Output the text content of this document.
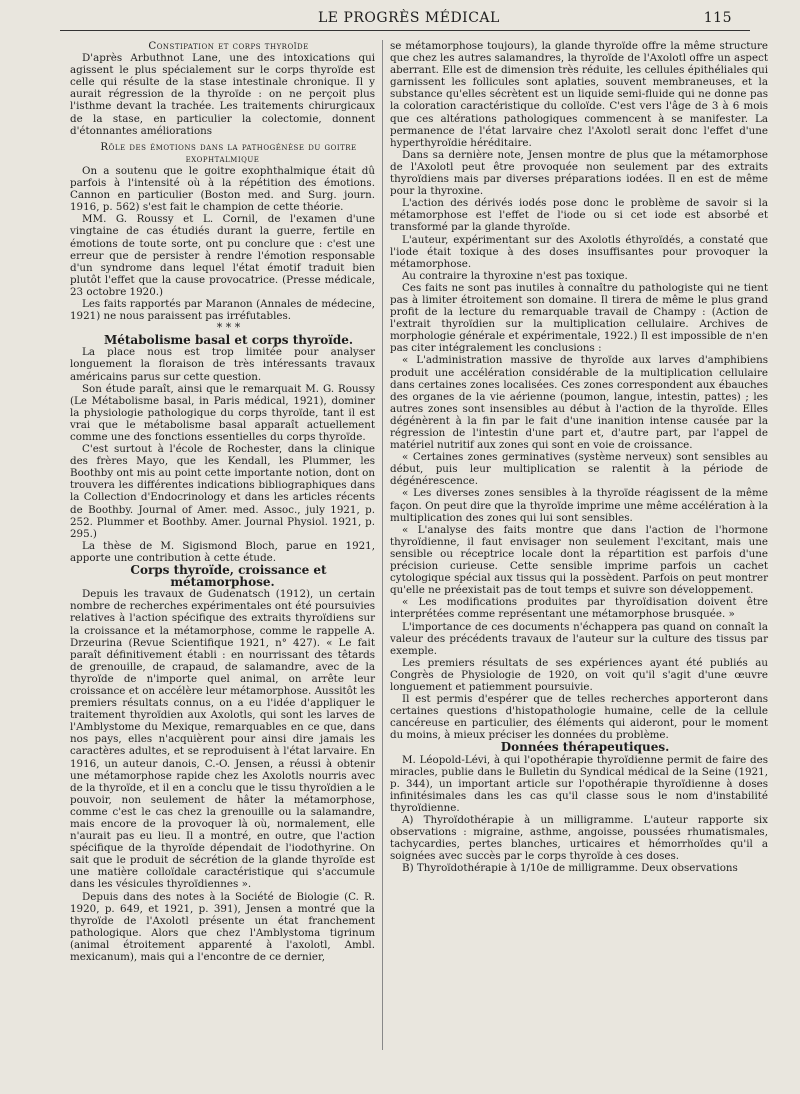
LE PROGRÈS MÉDICAL	115

Constipation et corps thyroïde

D'après Arbuthnot Lane, une des intoxications qui agissent le plus spécialement sur le corps thyroïde est celle qui résulte de la stase intestinale chronique. Il y aurait régression de la thyroïde : on ne perçoit plus l'isthme devant la trachée. Les traitements chirurgicaux de la stase, en particulier la colectomie, donnent d'étonnantes améliorations

Rôle des émotions dans la pathogénèse du goitre exophtalmique

On a soutenu que le goitre exophthalmique était dû parfois à l'intensité où à la répétition des émotions. Cannon en particulier (Boston med. and Surg. journ. 1916, p. 562) s'est fait le champion de cette théorie.

MM. G. Roussy et L. Cornil, de l'examen d'une vingtaine de cas étudiés durant la guerre, fertile en émotions de toute sorte, ont pu conclure que : c'est une erreur que de persister à rendre l'émotion responsable d'un syndrome dans lequel l'état émotif traduit bien plutôt l'effet que la cause provocatrice. (Presse médicale, 23 octobre 1920.)

Les faits rapportés par Maranon (Annales de médecine, 1921) ne nous paraissent pas irréfutables.

* * *

Métabolisme basal et corps thyroïde.

La place nous est trop limitée pour analyser longuement la floraison de très intéressants travaux américains parus sur cette question.

Son étude paraît, ainsi que le remarquait M. G. Roussy (Le Métabolisme basal, in Paris médical, 1921), dominer la physiologie pathologique du corps thyroïde, tant il est vrai que le métabolisme basal apparaît actuellement comme une des fonctions essentielles du corps thyroïde.

C'est surtout à l'école de Rochester, dans la clinique des frères Mayo, que les Kendall, les Plummer, les Boothby ont mis au point cette importante notion, dont on trouvera les différentes indications bibliographiques dans la Collection d'Endocrinology et dans les articles récents de Boothby. Journal of Amer. med. Assoc., july 1921, p. 252. Plummer et Boothby. Amer. Journal Physiol. 1921, p. 295.)

La thèse de M. Sigismond Bloch, parue en 1921, apporte une contribution à cette étude.

Corps thyroïde, croissance et métamorphose.

Depuis les travaux de Gudenatsch (1912), un certain nombre de recherches expérimentales ont été poursuivies relatives à l'action spécifique des extraits thyroïdiens sur la croissance et la métamorphose, comme le rappelle A. Drzeurina (Revue Scientifique 1921, n° 427). « Le fait paraît définitivement établi : en nourrissant des têtards de grenouille, de crapaud, de salamandre, avec de la thyroïde de n'importe quel animal, on arrête leur croissance et on accélère leur métamorphose. Aussitôt les premiers résultats connus, on a eu l'idée d'appliquer le traitement thyroïdien aux Axolotls, qui sont les larves de l'Amblystome du Mexique, remarquables en ce que, dans nos pays, elles n'acquièrent pour ainsi dire jamais les caractères adultes, et se reproduisent à l'état larvaire. En 1916, un auteur danois, C.-O. Jensen, a réussi à obtenir une métamorphose rapide chez les Axolotls nourris avec de la thyroïde, et il en a conclu que le tissu thyroïdien a le pouvoir, non seulement de hâter la métamorphose, comme c'est le cas chez la grenouille ou la salamandre, mais encore de la provoquer là où, normalement, elle n'aurait pas eu lieu. Il a montré, en outre, que l'action spécifique de la thyroïde dépendait de l'iodothyrine. On sait que le produit de sécrétion de la glande thyroïde est une matière colloïdale caractéristique qui s'accumule dans les vésicules thyroïdiennes ».

Depuis dans des notes à la Société de Biologie (C. R. 1920, p. 649, et 1921, p. 391), Jensen a montré que la thyroïde de l'Axolotl présente un état franchement pathologique. Alors que chez l'Amblystoma tigrinum (animal étroitement apparenté à l'axolotl, Ambl. mexicanum), mais qui a l'encontre de ce dernier,

se métamorphose toujours), la glande thyroïde offre la même structure que chez les autres salamandres, la thyroïde de l'Axolotl offre un aspect aberrant. Elle est de dimension très réduite, les cellules épithéliales qui garnissent les follicules sont aplaties, souvent membraneuses, et la substance qu'elles sécrètent est un liquide semi-fluide qui ne donne pas la coloration caractéristique du colloïde. C'est vers l'âge de 3 à 6 mois que ces altérations pathologiques commencent à se manifester. La permanence de l'état larvaire chez l'Axolotl serait donc l'effet d'une hyperthyroïdie héréditaire.

Dans sa dernière note, Jensen montre de plus que la métamorphose de l'Axolotl peut être provoquée non seulement par des extraits thyroïdiens mais par diverses préparations iodées. Il en est de même pour la thyroxine.

L'action des dérivés iodés pose donc le problème de savoir si la métamorphose est l'effet de l'iode ou si cet iode est absorbé et transformé par la glande thyroïde.

L'auteur, expérimentant sur des Axolotls éthyroïdés, a constaté que l'iode était toxique à des doses insuffisantes pour provoquer la métamorphose.

Au contraire la thyroxine n'est pas toxique.

Ces faits ne sont pas inutiles à connaître du pathologiste qui ne tient pas à limiter étroitement son domaine. Il tirera de même le plus grand profit de la lecture du remarquable travail de Champy : (Action de l'extrait thyroïdien sur la multiplication cellulaire. Archives de morphologie générale et expérimentale, 1922.) Il est impossible de n'en pas citer intégralement les conclusions :

« L'administration massive de thyroïde aux larves d'amphibiens produit une accélération considérable de la multiplication cellulaire dans certaines zones localisées. Ces zones correspondent aux ébauches des organes de la vie aérienne (poumon, langue, intestin, pattes) ; les autres zones sont insensibles au début à l'action de la thyroïde. Elles dégénèrent à la fin par le fait d'une inanition intense causée par la régression de l'intestin d'une part et, d'autre part, par l'appel de matériel nutritif aux zones qui sont en voie de croissance.

« Certaines zones germinatives (système nerveux) sont sensibles au début, puis leur multiplication se ralentit à la période de dégénérescence.

« Les diverses zones sensibles à la thyroïde réagissent de la même façon. On peut dire que la thyroïde imprime une même accélération à la multiplication des zones qui lui sont sensibles.

« L'analyse des faits montre que dans l'action de l'hormone thyroïdienne, il faut envisager non seulement l'excitant, mais une sensible ou réceptrice locale dont la répartition est parfois d'une précision curieuse. Cette sensible imprime parfois un cachet cytologique spécial aux tissus qui la possèdent. Parfois on peut montrer qu'elle ne préexistait pas de tout temps et suivre son développement.

« Les modifications produites par thyroïdisation doivent être interprétées comme représentant une métamorphose brusquée. »

L'importance de ces documents n'échappera pas quand on connaît la valeur des précédents travaux de l'auteur sur la culture des tissus par exemple.

Les premiers résultats de ses expériences ayant été publiés au Congrès de Physiologie de 1920, on voit qu'il s'agit d'une œuvre longuement et patiemment poursuivie.

Il est permis d'espérer que de telles recherches apporteront dans certaines questions d'histopathologie humaine, celle de la cellule cancéreuse en particulier, des éléments qui aideront, pour le moment du moins, à mieux préciser les données du problème.

Données thérapeutiques.

M. Léopold-Lévi, à qui l'opothérapie thyroïdienne permit de faire des miracles, publie dans le Bulletin du Syndical médical de la Seine (1921, p. 344), un important article sur l'opothérapie thyroïdienne à doses infinitésimales dans les cas qu'il classe sous le nom d'instabilité thyroïdienne.

A) Thyroïdothérapie à un milligramme. L'auteur rapporte six observations : migraine, asthme, angoisse, poussées rhumatismales, tachycardies, pertes blanches, urticaires et hémorrhoïdes qu'il a soignées avec succès par le corps thyroïde à ces doses.

B) Thyroïdothérapie à 1/10e de milligramme. Deux observations
